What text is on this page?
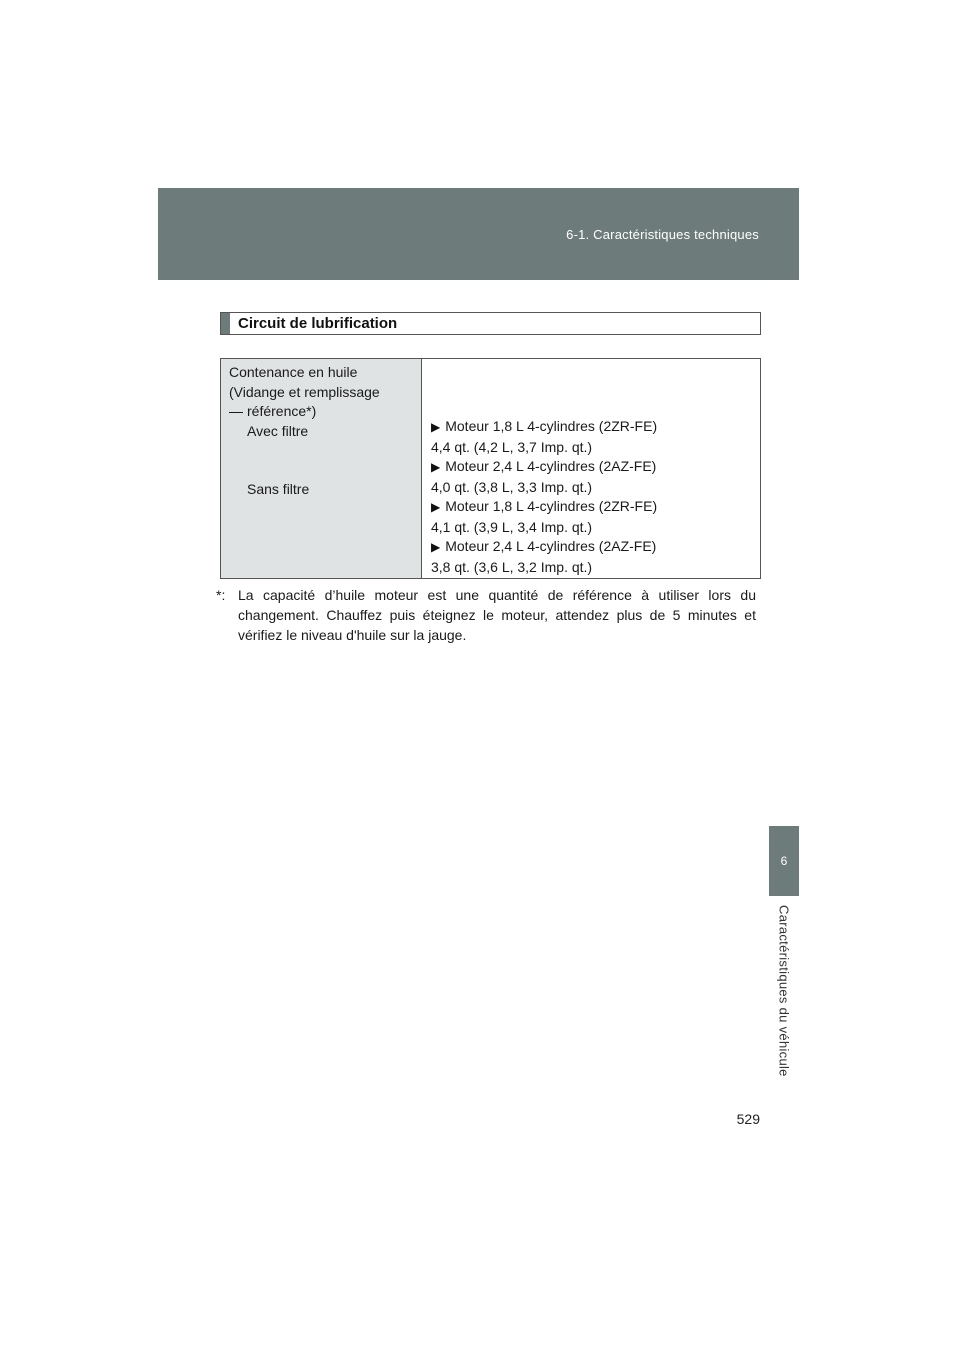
6-1. Caractéristiques techniques
6
Caractéristiques du véhicule
Circuit de lubrification
Contenance en huile
(Vidange et remplissage
référence*)
Avec filtre
Sans filtre
▶ Moteur 1,8 L 4-cylindres (2ZR-FE)
4,4 qt. (4,2 L, 3,7 Imp. qt.)
▶ Moteur 2,4 L 4-cylindres (2AZ-FE)
4,0 qt. (3,8 L, 3,3 Imp. qt.)
▶ Moteur 1,8 L 4-cylindres (2ZR-FE)
4,1 qt. (3,9 L, 3,4 Imp. qt.)
▶ Moteur 2,4 L 4-cylindres (2AZ-FE)
3,8 qt. (3,6 L, 3,2 Imp. qt.)
*: La capacité d’huile moteur est une quantité de référence à utiliser lors du changement. Chauffez puis éteignez le moteur, attendez plus de 5 minutes et vérifiez le niveau d'huile sur la jauge.
529
